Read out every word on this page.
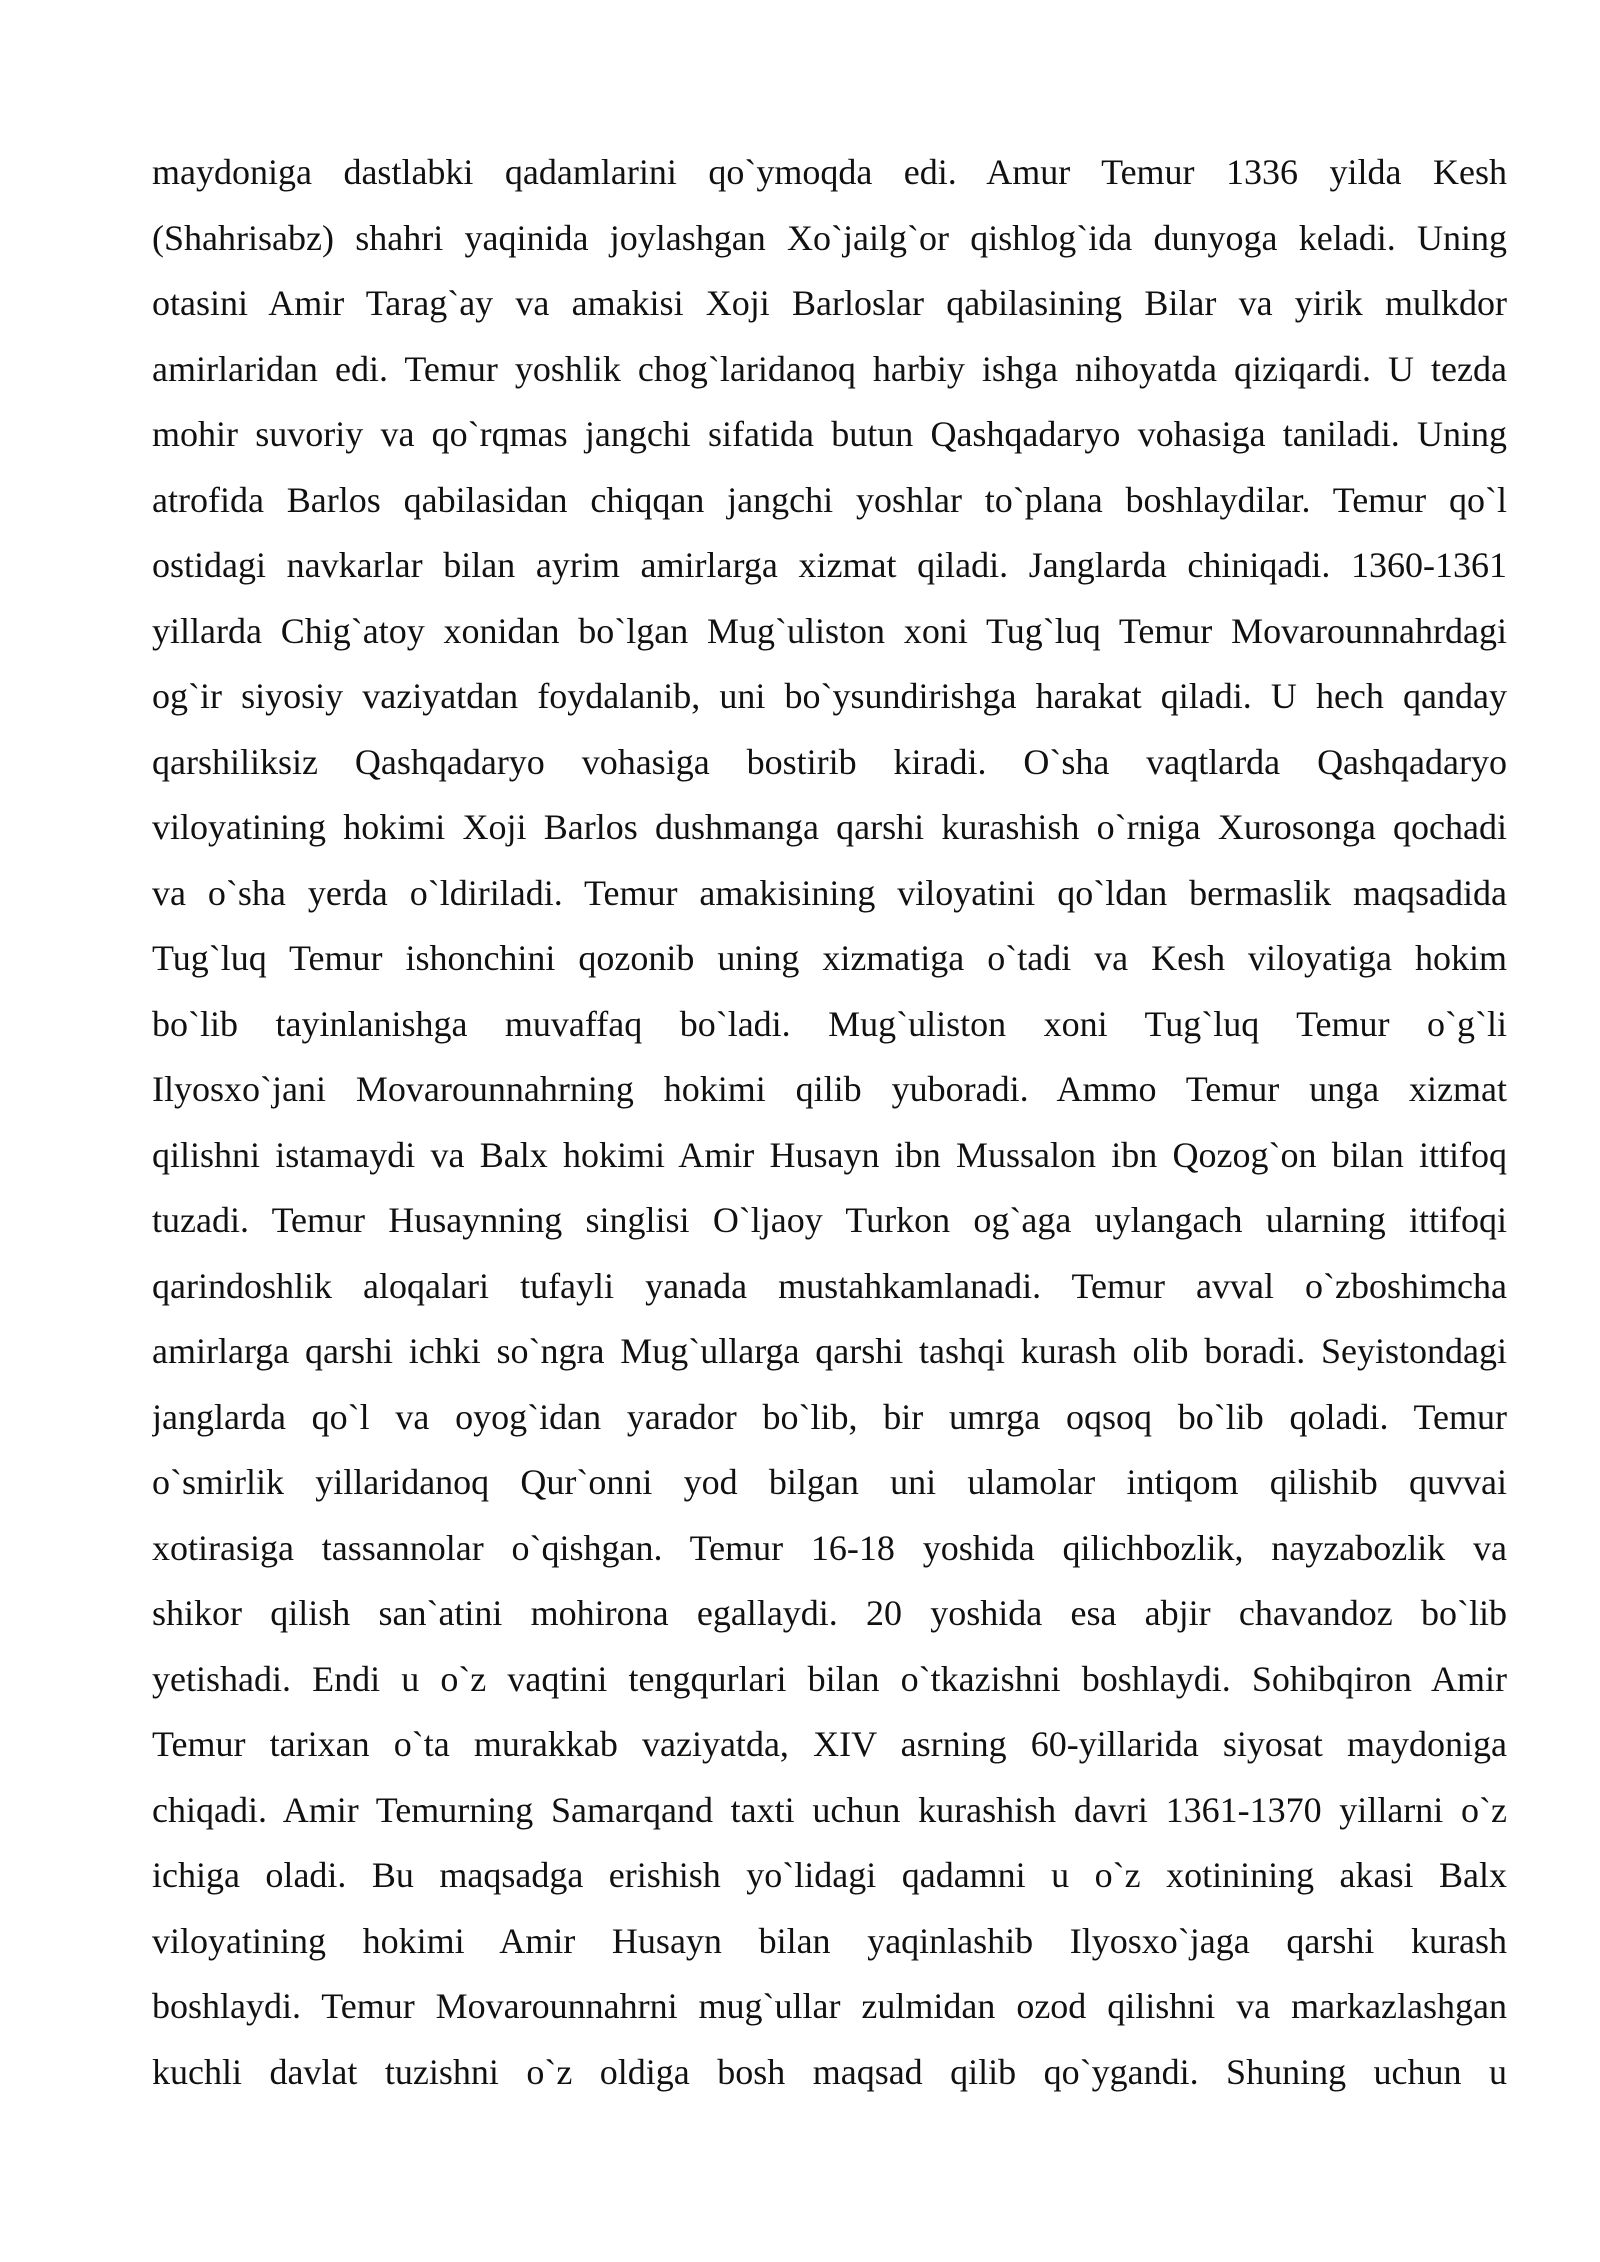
maydoniga dastlabki qadamlarini qo`ymoqda edi. Amur Temur 1336 yilda Kesh
(Shahrisabz) shahri yaqinida joylashgan Xo`jailg`or qishlog`ida dunyoga keladi. Uning
otasini Amir Tarag`ay va amakisi Xoji Barloslar qabilasining Bilar va yirik mulkdor
amirlaridan edi. Temur yoshlik chog`laridanoq harbiy ishga nihoyatda qiziqardi. U tezda
mohir suvoriy va qo`rqmas jangchi sifatida butun Qashqadaryo vohasiga taniladi. Uning
atrofida Barlos qabilasidan chiqqan jangchi yoshlar to`plana boshlaydilar. Temur qo`l
ostidagi navkarlar bilan ayrim amirlarga xizmat qiladi. Janglarda chiniqadi. 1360-1361
yillarda Chig`atoy xonidan bo`lgan Mug`uliston xoni Tug`luq Temur Movarounnahrdagi
og`ir siyosiy vaziyatdan foydalanib, uni bo`ysundirishga harakat qiladi. U hech qanday
qarshiliksiz Qashqadaryo vohasiga bostirib kiradi. O`sha vaqtlarda Qashqadaryo
viloyatining hokimi Xoji Barlos dushmanga qarshi kurashish o`rniga Xurosonga qochadi
va o`sha yerda o`ldiriladi. Temur amakisining viloyatini qo`ldan bermaslik maqsadida
Tug`luq Temur ishonchini qozonib uning xizmatiga o`tadi va Kesh viloyatiga hokim
bo`lib tayinlanishga muvaffaq bo`ladi. Mug`uliston xoni Tug`luq Temur o`g`li
Ilyosxo`jani Movarounnahrning hokimi qilib yuboradi. Ammo Temur unga xizmat
qilishni istamaydi va Balx hokimi Amir Husayn ibn Mussalon ibn Qozog`on bilan ittifoq
tuzadi. Temur Husaynning singlisi O`ljaoy Turkon og`aga uylangach ularning ittifoqi
qarindoshlik aloqalari tufayli yanada mustahkamlanadi. Temur avval o`zboshimcha
amirlarga qarshi ichki so`ngra Mug`ullarga qarshi tashqi kurash olib boradi. Seyistondagi
janglarda qo`l va oyog`idan yarador bo`lib, bir umrga oqsoq bo`lib qoladi. Temur
o`smirlik yillaridanoq Qur`onni yod bilgan uni ulamolar intiqom qilishib quvvai
xotirasiga tassannolar o`qishgan. Temur 16-18 yoshida qilichbozlik, nayzabozlik va
shikor qilish san`atini mohirona egallaydi. 20 yoshida esa abjir chavandoz bo`lib
yetishadi. Endi u o`z vaqtini tengqurlari bilan o`tkazishni boshlaydi. Sohibqiron Amir
Temur tarixan o`ta murakkab vaziyatda, XIV asrning 60-yillarida siyosat maydoniga
chiqadi. Amir Temurning Samarqand taxti uchun kurashish davri 1361-1370 yillarni o`z
ichiga oladi. Bu maqsadga erishish yo`lidagi qadamni u o`z xotinining akasi Balx
viloyatining hokimi Amir Husayn bilan yaqinlashib Ilyosxo`jaga qarshi kurash
boshlaydi. Temur Movarounnahrni mug`ullar zulmidan ozod qilishni va markazlashgan
kuchli davlat tuzishni o`z oldiga bosh maqsad qilib qo`ygandi. Shuning uchun u
